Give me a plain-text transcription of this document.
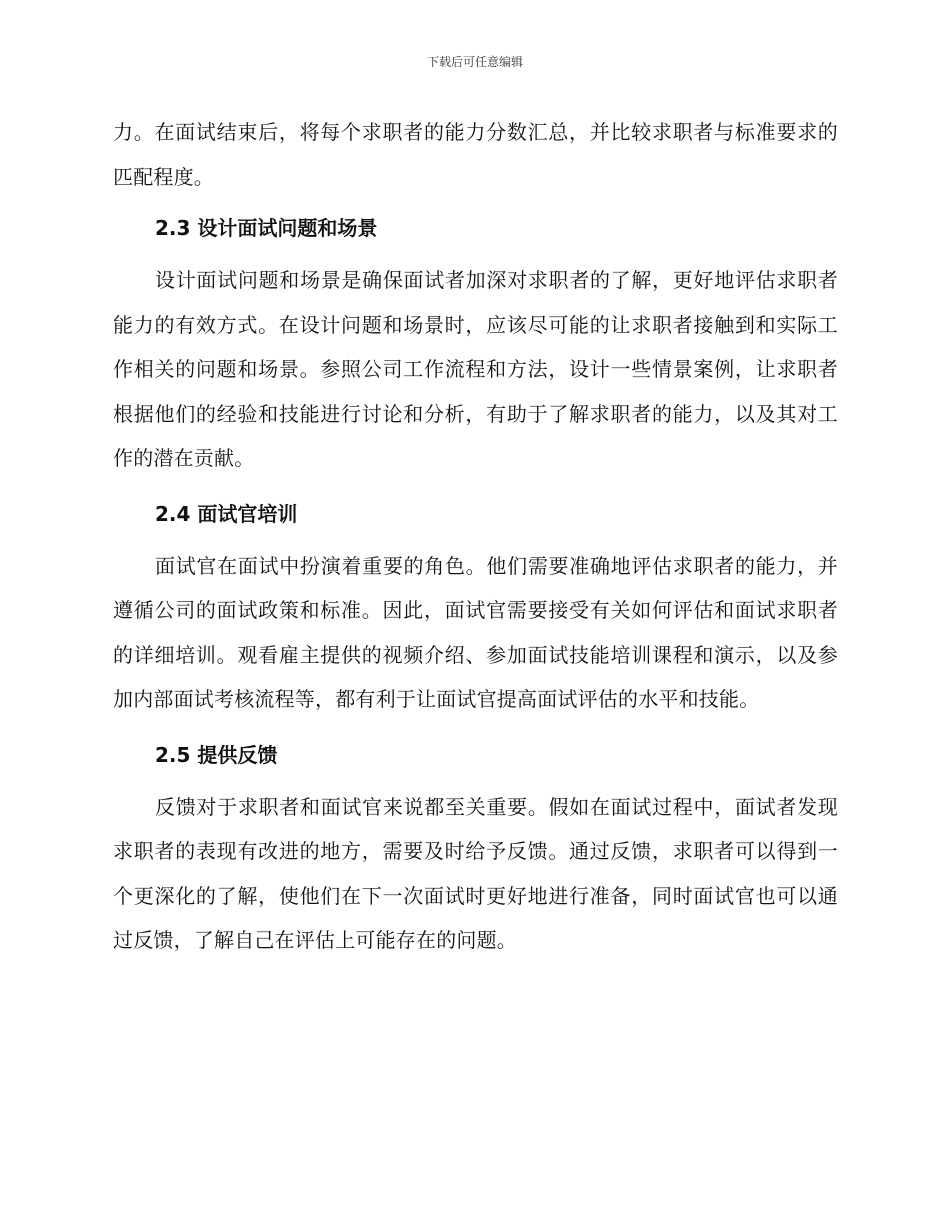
下载后可任意编辑

力。在面试结束后，将每个求职者的能力分数汇总，并比较求职者与标准要求的匹配程度。

2.3 设计面试问题和场景

设计面试问题和场景是确保面试者加深对求职者的了解，更好地评估求职者能力的有效方式。在设计问题和场景时，应该尽可能的让求职者接触到和实际工作相关的问题和场景。参照公司工作流程和方法，设计一些情景案例，让求职者根据他们的经验和技能进行讨论和分析，有助于了解求职者的能力，以及其对工作的潜在贡献。

2.4 面试官培训

面试官在面试中扮演着重要的角色。他们需要准确地评估求职者的能力，并遵循公司的面试政策和标准。因此，面试官需要接受有关如何评估和面试求职者的详细培训。观看雇主提供的视频介绍、参加面试技能培训课程和演示，以及参加内部面试考核流程等，都有利于让面试官提高面试评估的水平和技能。

2.5 提供反馈

反馈对于求职者和面试官来说都至关重要。假如在面试过程中，面试者发现求职者的表现有改进的地方，需要及时给予反馈。通过反馈，求职者可以得到一个更深化的了解，使他们在下一次面试时更好地进行准备，同时面试官也可以通过反馈，了解自己在评估上可能存在的问题。
